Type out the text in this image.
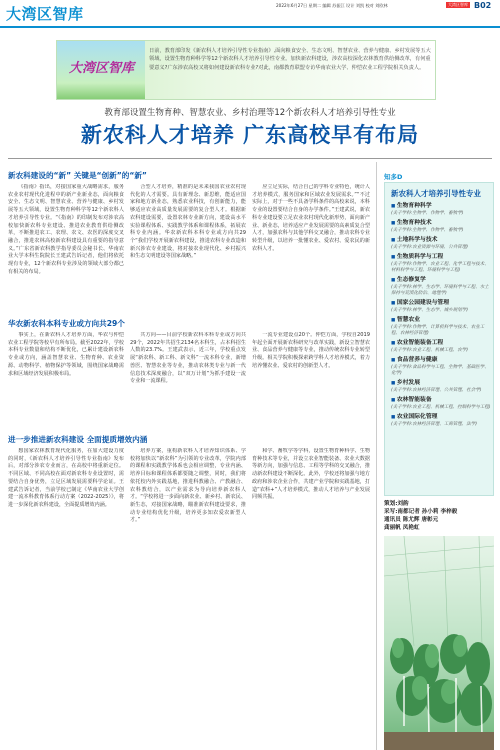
大湾区智库	2022年6月27日 星期二 编辑 苏振江 设计 刘凯 校对 刘欧林	大湾区智库 B02
大湾区智库
日前，教育部印发《新农科人才培养引导性专业指南》,面向粮食安全、生态文明、智慧农业、营养与健康、乡村发展等五大领域，设置生物育种科学等12个新农科人才培养引导性专业。加快新农科建设，涉农高校深化农林教育供给侧改革，有何重要意义?广东涉农高校又将如何建设新农科专业?对此，南都教育联盟专访华南农业大学、仲恺农业工程学院相关负责人。
教育部设置生物育种、智慧农业、乡村治理等12个新农科人才培养引导性专业
新农科人才培养 广东高校早有布局
新农科建设的“新” 关键是“创新”的“新”

《指南》指出，对接国家重大战略需求，服务农业农村现代化进程中的新产业新业态，面向粮食安全、生态文明、智慧农业、营养与健康、乡村发展等五大领域，设置生物育种科学等12个新农科人才培养引导性专业。“《指南》的印制发布对涉农高校加快新农科专业建设、推进农业教育供给侧改革，不断推进农工、农理、农文、农医的深度交叉融合，推进农林高校新农科建设具有重要的指导意义。”广东省新农科教学指导委员会秘书长、华南农业大学本科生院院长王建武告诉记者，他们将依托现有专业，12个新农科专业涉及的领域大部分都已有相关的布局。

合型人才培养，精准的是未来我国农业农村现代化的人才需要。具有新理念、新思维，能适应国家和地方新业态，熟悉农业科技，有创新能力，能够适应农业高质量发展需要的复合型人才。根据新农科建设需要，设置农林专业新方向，建设高水平实验课程体系、实践教学体系和课程体系，拓展农科专业内涵。华农新农科本科专业或方向共29个“我们学校开展新农科建设，推进农科专业改造和新兴涉农专业建设，将对接农业现代化、乡村振兴和生态文明建设等国家战略。”

应立足实际，结合自己的学科专业特色，统计人才培养模式，服务国家和区域农业发展需求。”“不过实际上，对于一些不具备学科条件的高校来说，本科专业的设置要结合自身的办学条件。”王建武说，新农科专业建设要立足农业农村现代化新形势，面向新产业、新业态，培养适应产业发展需要的高素质复合型人才，加强农科与其他学科交叉融合，推动农科专业转型升级，以培养一批懂农业、爱农村、爱农民的新农科人才。

华农新农科本科专业或方向共29个

事实上，在新农科人才培养方面，华农与仲恺农业工程学院等校早有所布局。截至2022年，学校本科专业数量和结构不断优化，已累计建设新农科专业或方向，涵盖智慧农业、生物育种、农业资源、动物科学、植物保护等领域，围绕国家战略需求和区域经济发展积极布局。

共方向——目前学校新农科本科专业或方向共29个，2022年共招生2134名本科生，占本科招生人数的23.7%。王建武表示，近三年，学校重点发展“新农科、新工科、新文科”一流本科专业，新增兽医、智慧农业等专业，推动农林类专业与新一代信息技术深度融合，以“双万计划”为抓手建设一流专业和一流课程。

一流专业建设点20个。仲恺方面，学校自2019年起全面开展新农科研究与改革实践，新设立智慧农业、食品营养与健康等专业，推动传统农科专业转型升级。相关学院积极探索跨学科人才培养模式，着力培养懂农业、爱农村的创新型人才。

进一步推进新农科建设 全面提质增效内涵

想国家农林教育现代化服务，在加大建设力度的同时，《新农科人才培养引导性专业指南》发布后，对部分涉农专业而言，在高校中将重新定位。不同区域、不同高校在面对新农科专业设置时，需要结合自身优势，立足区域发展需要科学论证。王建武告诉记者，当前学校已制定《华南农业大学创建一流本科教育体系行动方案（2022-2025）》，将进一步深化新农科建设，全面提质增效内涵。

培养方案，重构新农科人才培养知识体系、学校将加快以“新农科”为引领的专业改革，学院内部的课程和实践教学体系也会相应调整，专业内涵、培养目标和课程体系都要随之调整，同时，我们将依托校内外实践基地，推进科教融合、产教融合、农科教结合，以产业需求为导向培养新农科人才。“学校将进一步面向新农业、新乡村、新农民、新生态，对接国家战略，瞄准新农科建设要求，推动专业结构优化升级，培养更多知农爱农新型人才。”

和学、畜牧学等学科，设置生物育种科学、生物育种技术等专业，并设立农业智能装备、农业大数据等新方向，加强与信息、工程等学科的交叉融合，推动新农科建设不断深化。此外，学校还将加强与地方政府和涉农企业合作，共建产业学院和实践基地，打造“农科+”人才培养模式，推动人才培养与产业发展同频共振。

知多D
新农科人才培养引导性专业
■ 生物育种科学
(关于学科:生物学、作物学、畜牧学)
■ 生物育种技术
(关于学科:生物学、作物学、畜牧学)
■ 土地科学与技术
(关于学科:农业资源与环境、公共管理)
■ 生物质科学与工程
(关于学科:作物学、农业工程、化学工程与技术、材料科学与工程、环境科学与工程)
■ 生态修复学
(关于学科:林学、生态学、环境科学与工程、水土保持与荒漠化防治、地理学)
■ 国家公园建设与管理
(关于学科:林学、生态学、城乡规划学)
■ 智慧农业
(关于学科:作物学、计算机科学与技术、农业工程、农林经济管理)
■ 农业智能装备工程
(关于学科:农业工程、机械工程、农学)
■ 食品营养与健康
(关于学科:食品科学与工程、生物学、基础医学、化学)
■ 乡村发展
(关于学科:农林经济管理、公共管理、社会学)
■ 农林智能装备
(关于学科:农业工程、机械工程、控制科学与工程)
■ 农业国际化管理
(关于学科:农林经济管理、工商管理、法学)
策划:刘韵
采写:南都记者 孙小莉 李梓毅
通讯员 陈尤辉 唐彰元
龚丽帆 凤艳虹
